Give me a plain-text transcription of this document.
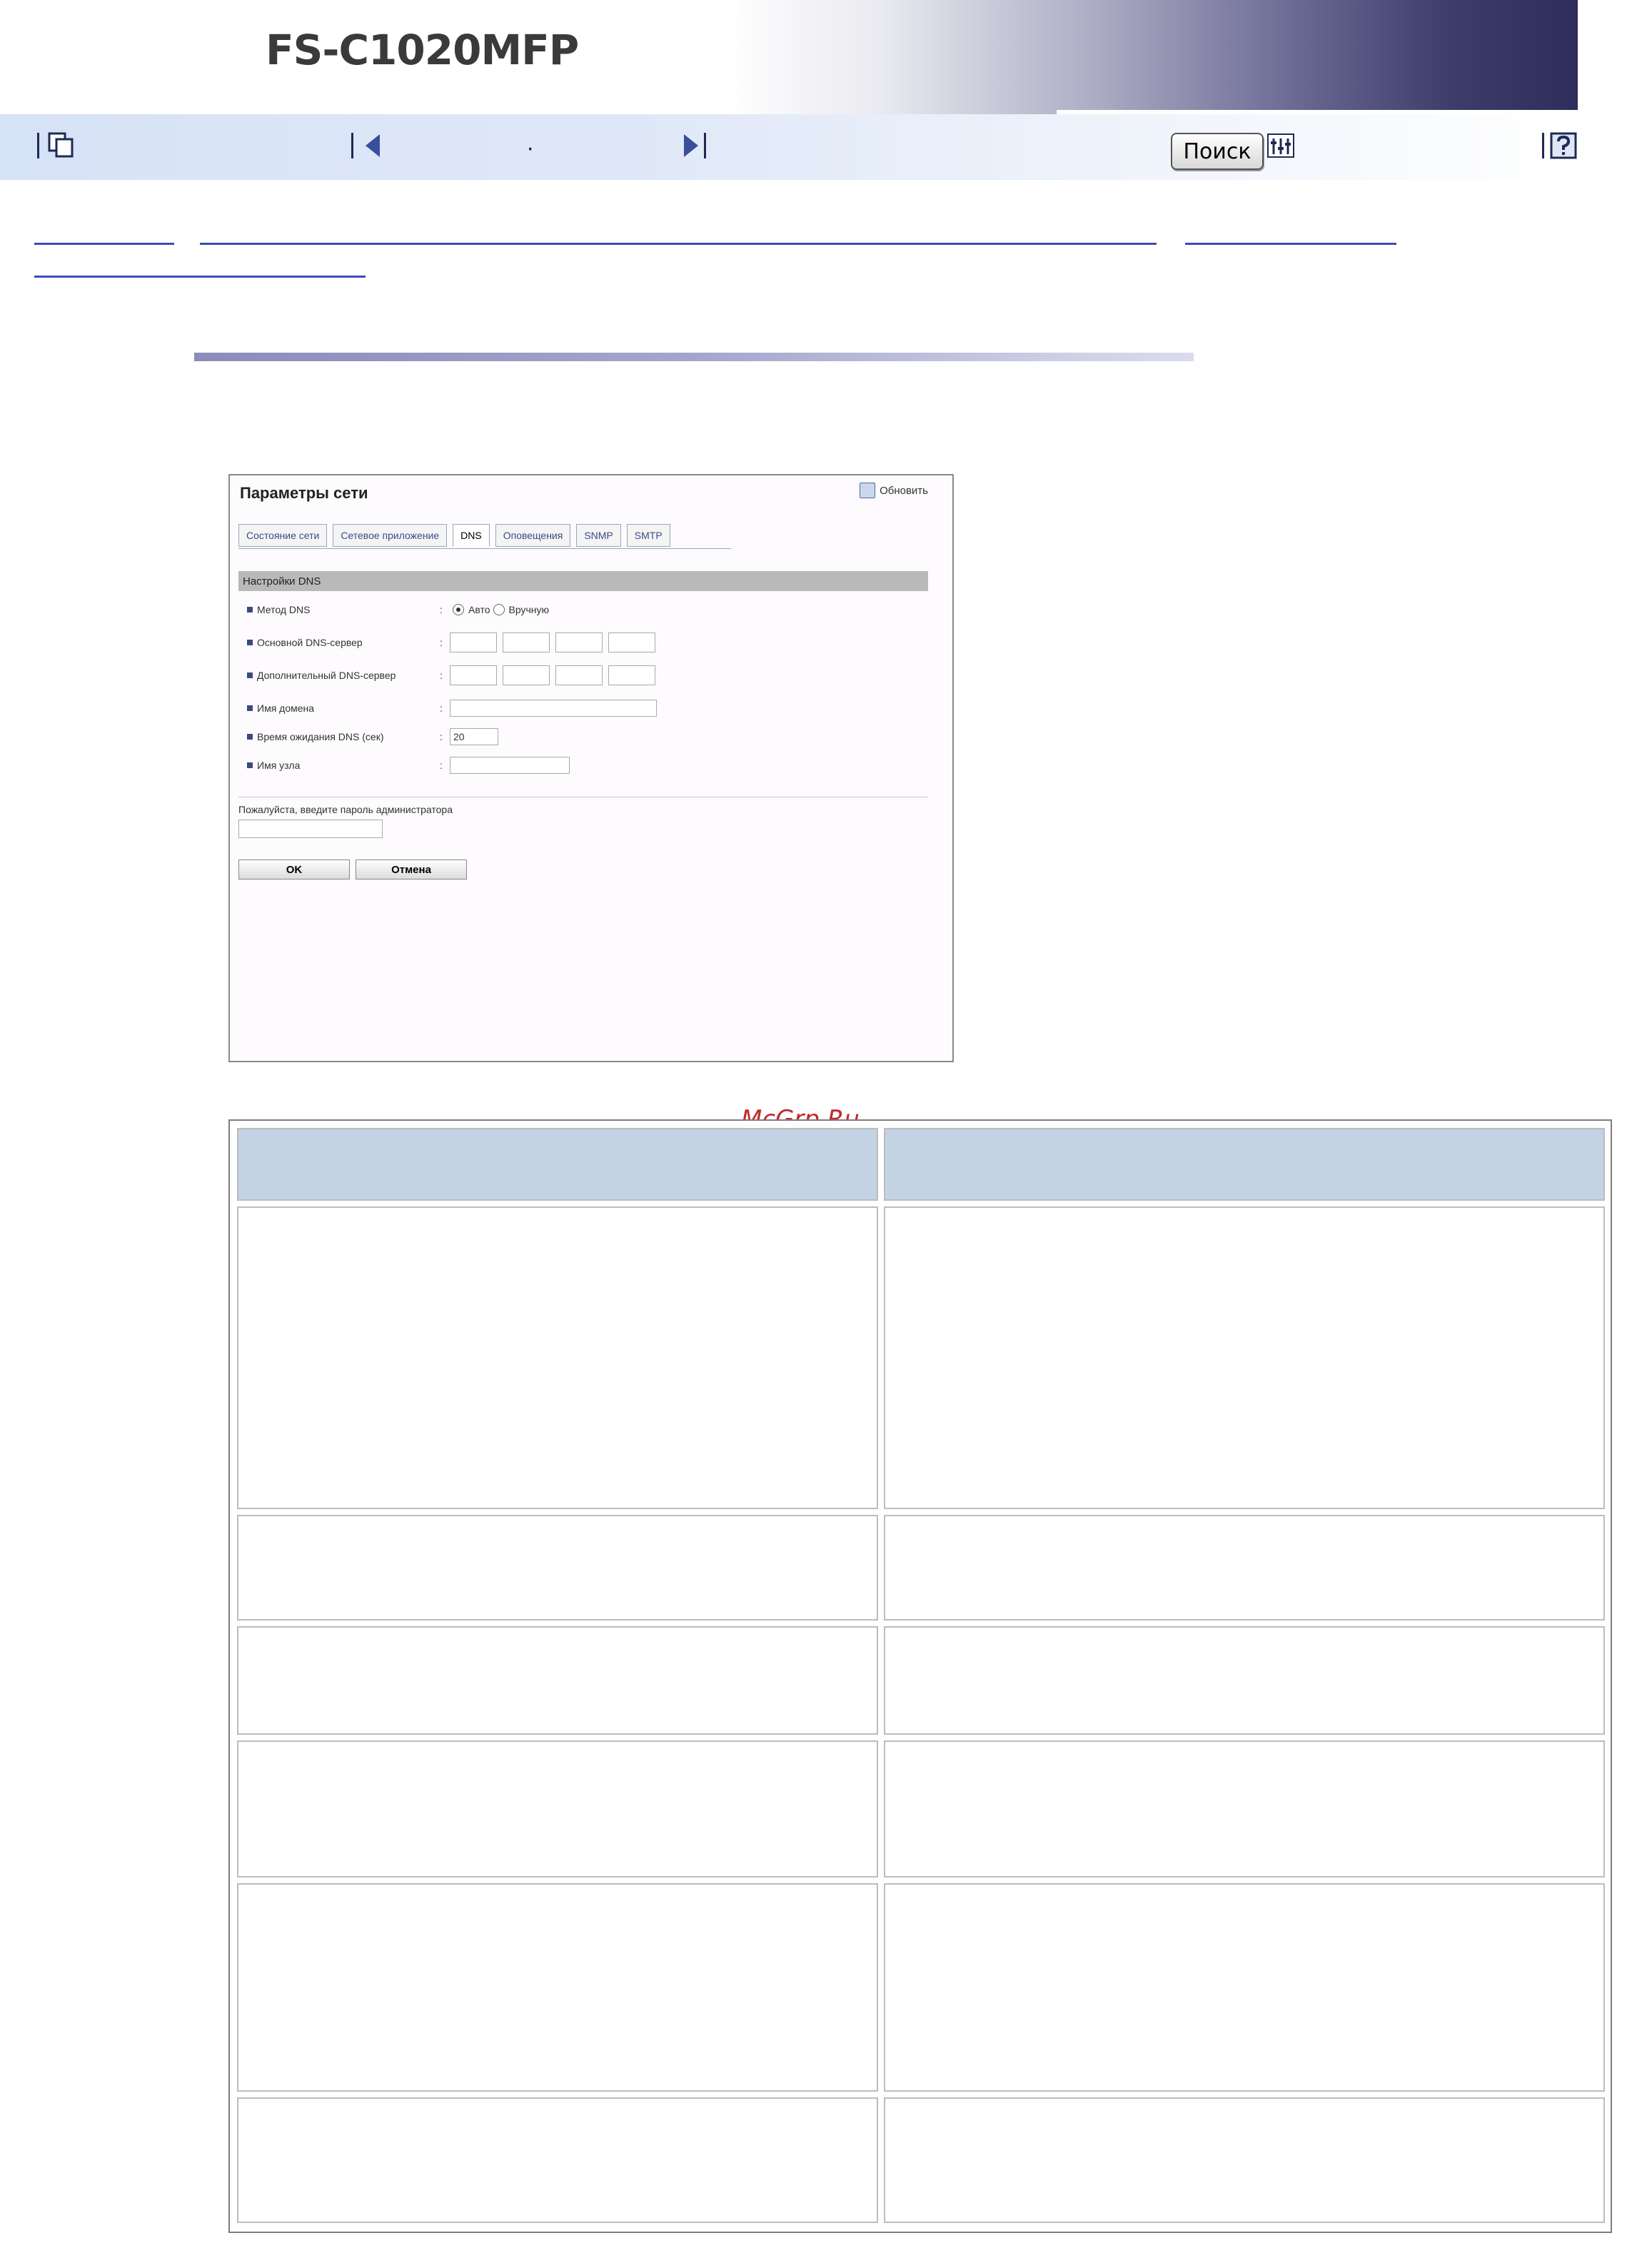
FS-C1020MFP
·	Поиск
Параметры сети	Обновить
Состояние сети	Сетевое приложение	DNS	Оповещения	SNMP	SMTP
Настройки DNS
Метод DNS	:	Авто Вручную
Основной DNS-сервер	:
Дополнительный DNS-сервер	:
Имя домена	:
Время ожидания DNS (сек)	:	20
Имя узла	:
Пожалуйста, введите пароль администратора
OK	Отмена
